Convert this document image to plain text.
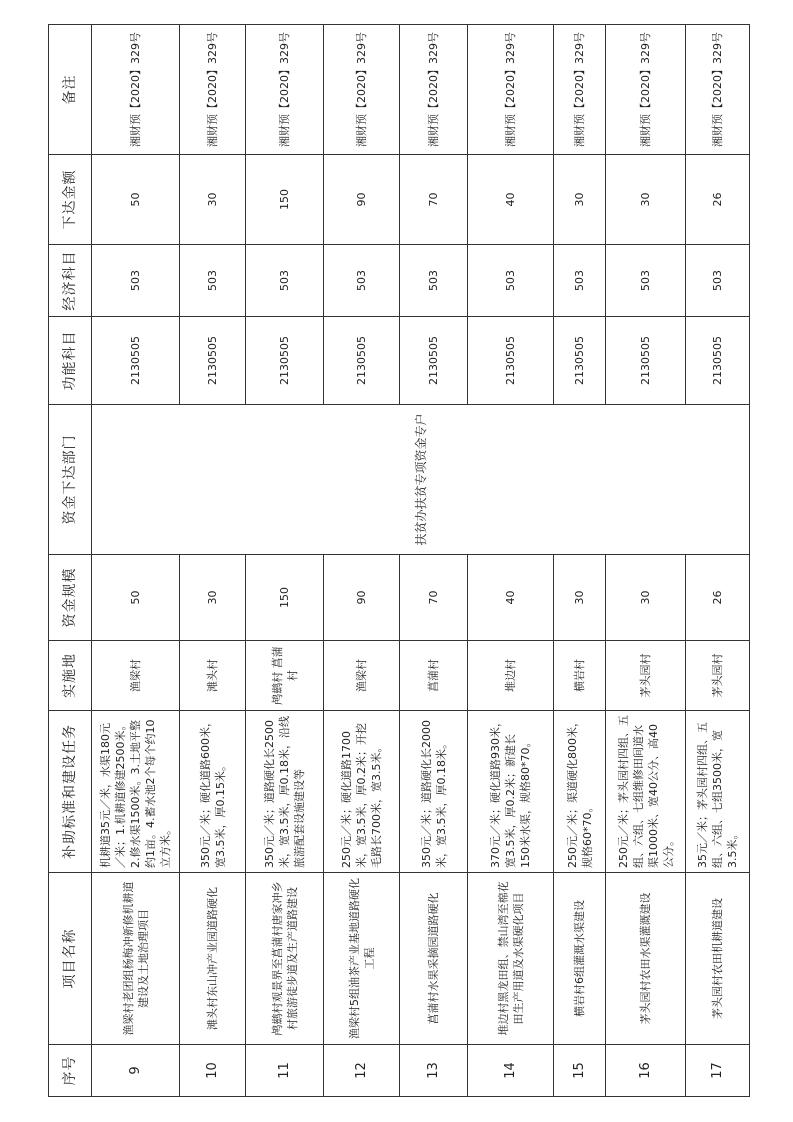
序号	项目名称	补助标准和建设任务	实施地	资金规模	资金下达部门	功能科目	经济科目	下达金额	备注
9	渔梁村老团组杨梅冲新修机耕道建设及土地治理项目	机耕道35元／米，水渠180元／米；1.机耕道修建2500米。2.修水渠1500米。3.土地平整约1亩。4.蓄水池2个每个约10立方米。	渔梁村	50	扶贫办扶贫专项资金专户	2130505	503	50	湘财预【2020】329号
10	滩头村东山冲产业园道路硬化	350元／米；硬化道路600米，宽3.5米，厚0.15米。	滩头村	30		2130505	503	30	湘财预【2020】329号
11	鸬鹚村观景界至菖蒲村唐家冲乡村旅游徒步道及生产道路建设	350元／米；道路硬化长2500米，宽3.5米，厚0.18米，沿线旅游配套设施建设等	鸬鹚村 菖蒲村	150		2130505	503	150	湘财预【2020】329号
12	渔梁村5组油茶产业基地道路硬化工程	250元／米；硬化道路1700米，宽3.5米，厚0.2米；开挖毛路长700米，宽3.5米。	渔梁村	90		2130505	503	90	湘财预【2020】329号
13	菖蒲村水果采摘园道路硬化	350元／米；道路硬化长2000米，宽3.5米，厚0.18米。	菖蒲村	70		2130505	503	70	湘财预【2020】329号
14	堆边村黑龙田组、禁山湾至棉花田生产用道及水渠硬化项目	370元／米；硬化道路930米，宽3.5米，厚0.2米；新建长150米水渠，规格80*70。	堆边村	40		2130505	503	40	湘财预【2020】329号
15	横岩村6组灌溉水渠建设	250元／米；渠道硬化800米，规格60*70。	横岩村	30		2130505	503	30	湘财预【2020】329号
16	茅头园村农田水渠灌溉建设	250元／米；茅头园村四组、五组、六组、七组维修田间道水渠1000米、宽40公分、高40公分。	茅头园村	30		2130505	503	30	湘财预【2020】329号
17	茅头园村农田机耕道建设	35元／米；茅头园村四组、五组、六组、七组3500米，宽3.5米。	茅头园村	26		2130505	503	26	湘财预【2020】329号
